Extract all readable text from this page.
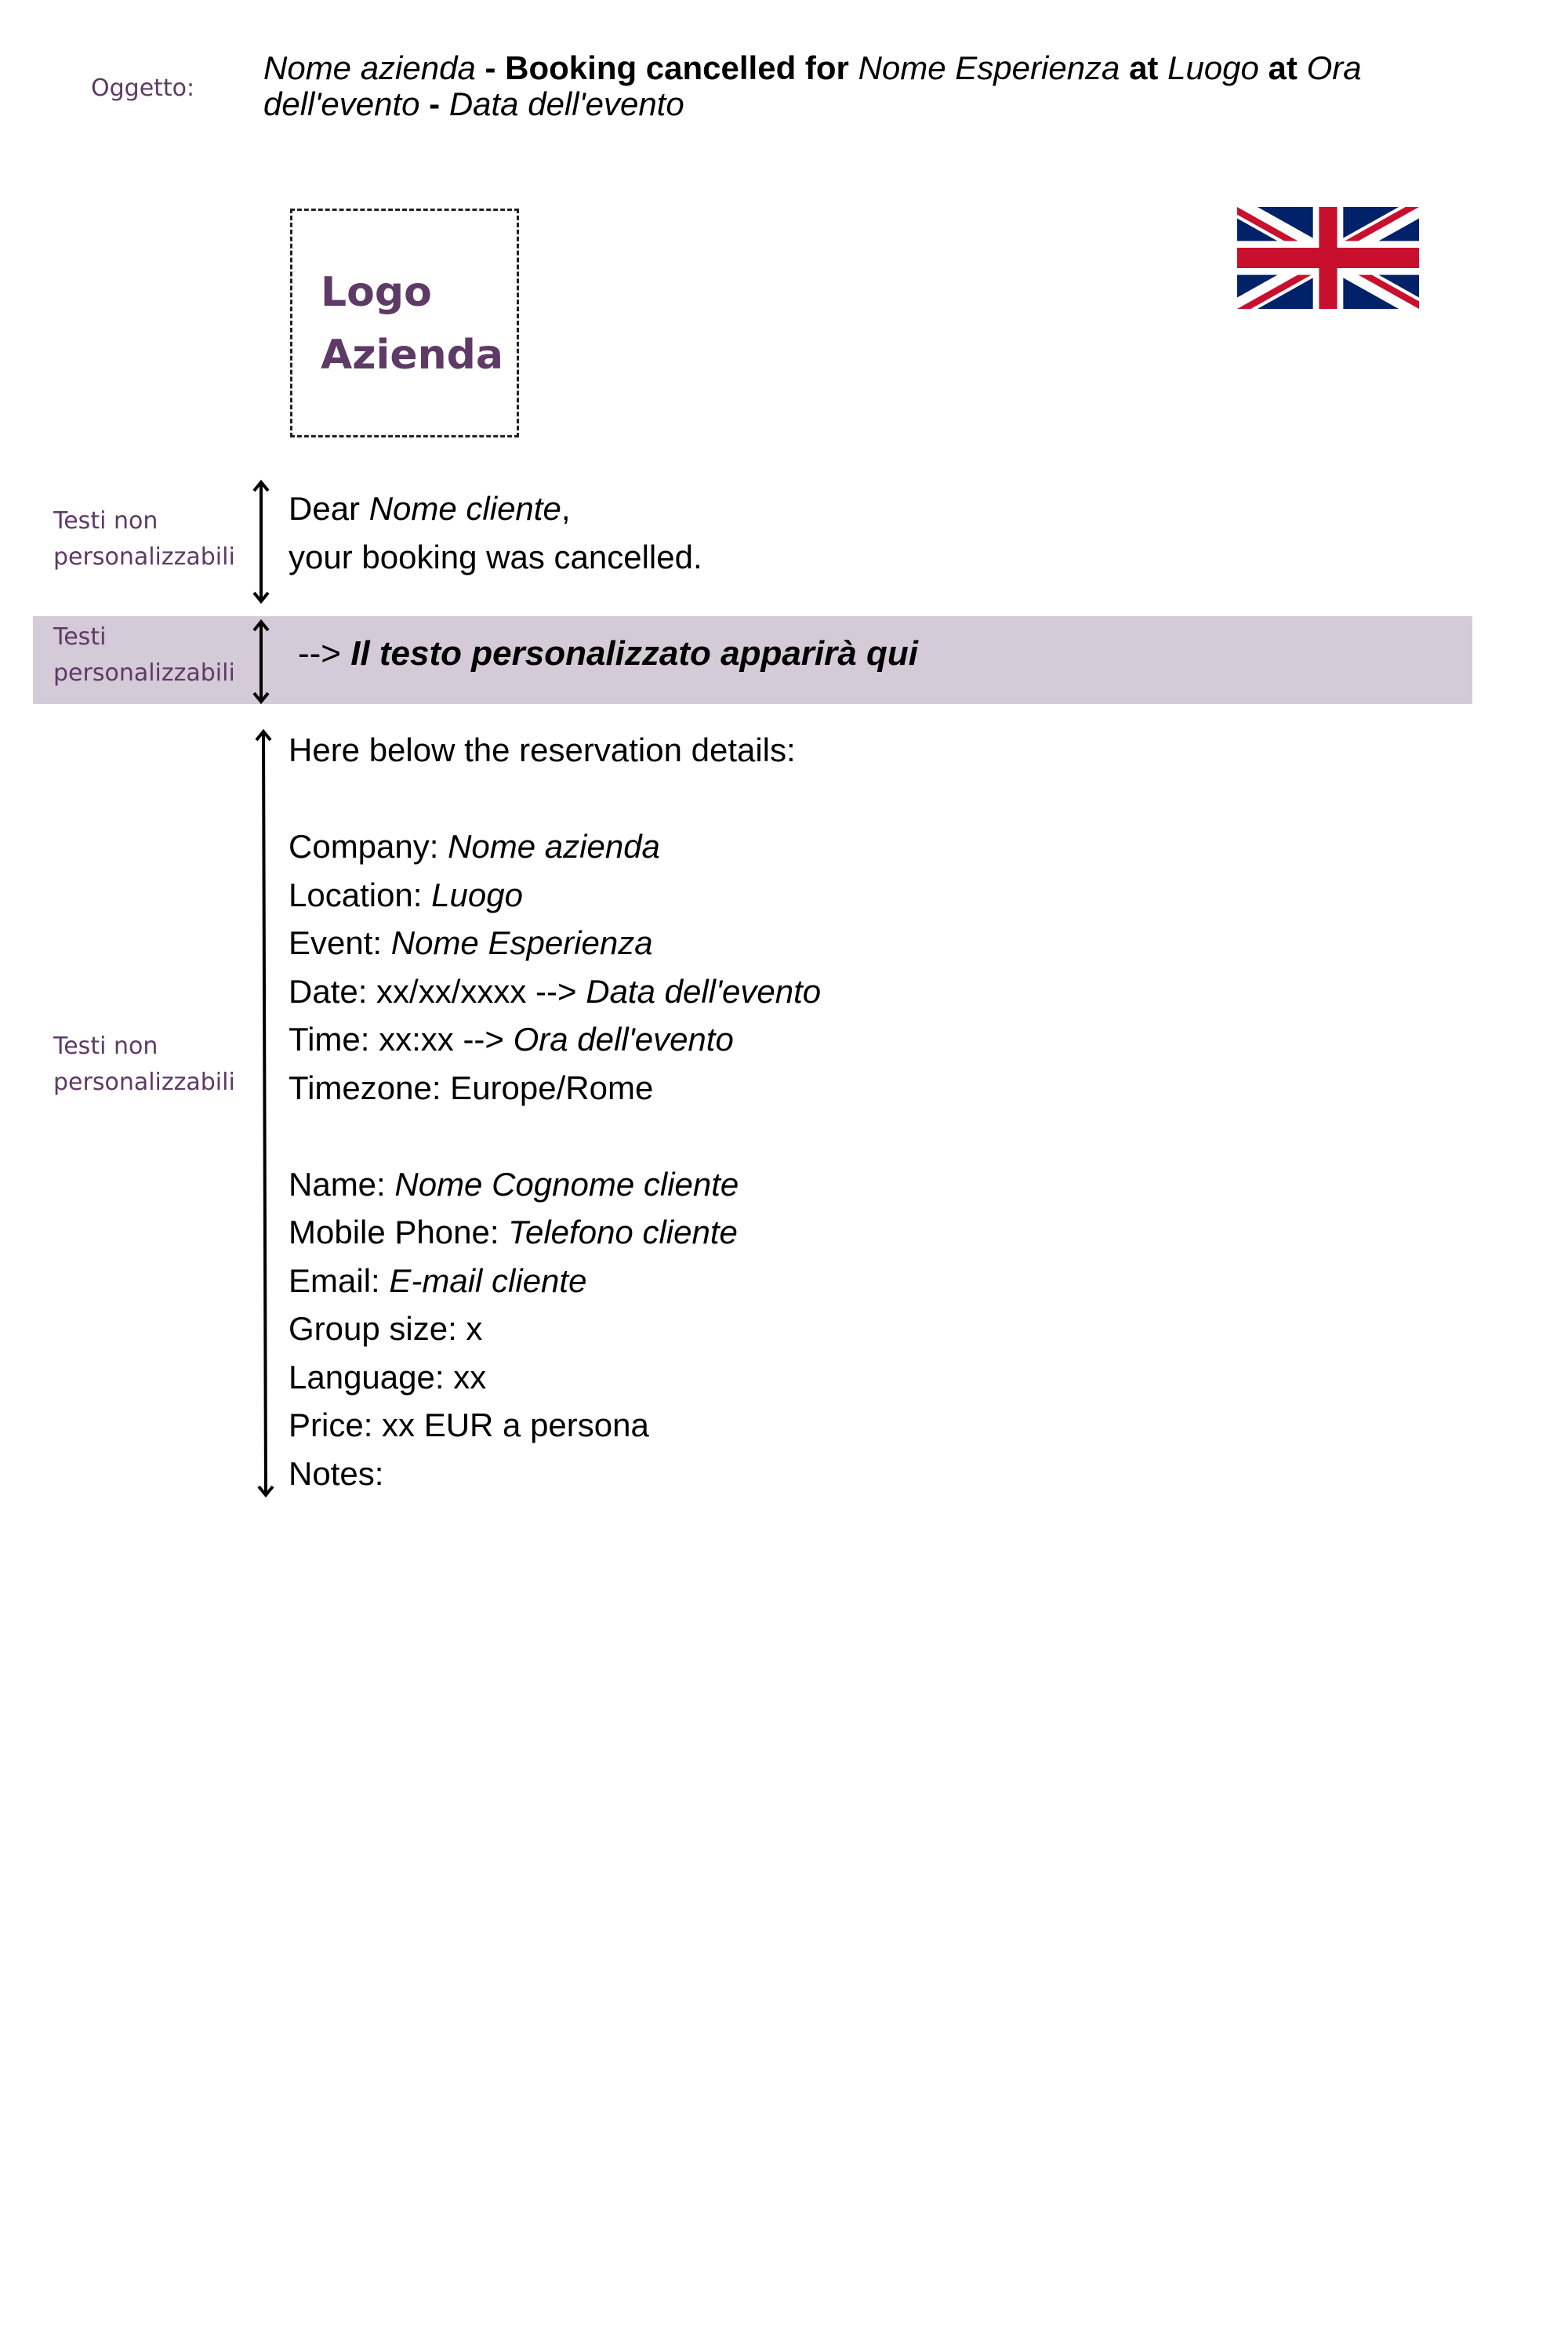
Oggetto:
Nome azienda - Booking cancelled for Nome Esperienza at Luogo at Ora dell'evento - Data dell'evento
Logo
Azienda
Testi non
personalizzabili
Dear Nome cliente,
your booking was cancelled.
Testi
personalizzabili
--> Il testo personalizzato apparirà qui
Testi non
personalizzabili
Here below the reservation details:
Company: Nome azienda
Location: Luogo
Event: Nome Esperienza
Date: xx/xx/xxxx --> Data dell'evento
Time: xx:xx --> Ora dell'evento
Timezone: Europe/Rome
Name: Nome Cognome cliente
Mobile Phone: Telefono cliente
Email: E-mail cliente
Group size: x
Language: xx
Price: xx EUR a persona
Notes:
